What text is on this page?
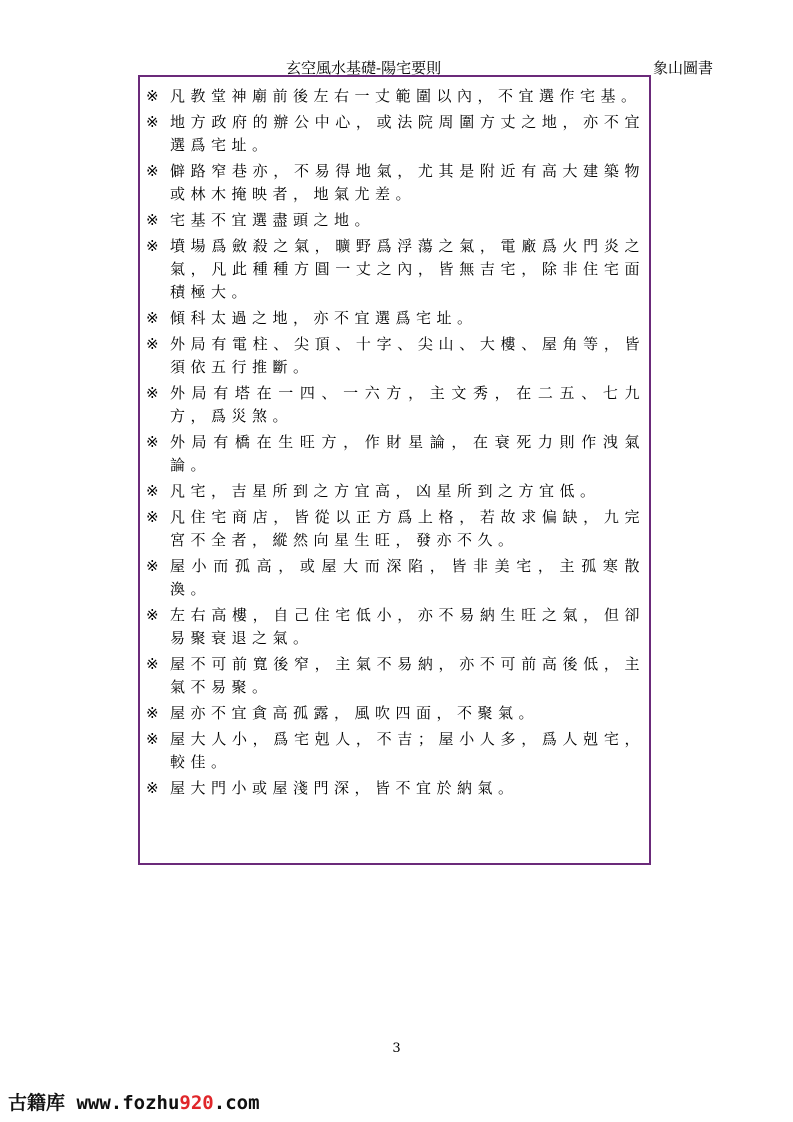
玄空風水基礎-陽宅要則	象山圖書
※ 凡教堂神廟前後左右一丈範圍以內，不宜選作宅基。
※ 地方政府的辦公中心，或法院周圍方丈之地，亦不宜選爲宅址。
※ 僻路窄巷亦，不易得地氣，尤其是附近有高大建築物或林木掩映者，地氣尤差。
※ 宅基不宜選盡頭之地。
※ 墳場爲斂殺之氣，曠野爲浮蕩之氣，電廠爲火門炎之氣，凡此種種方圓一丈之內，皆無吉宅，除非住宅面積極大。
※ 傾科太過之地，亦不宜選爲宅址。
※ 外局有電柱、尖頂、十字、尖山、大樓、屋角等，皆須依五行推斷。
※ 外局有塔在一四、一六方，主文秀，在二五、七九方，爲災煞。
※ 外局有橋在生旺方，作財星論，在衰死力則作洩氣論。
※ 凡宅，吉星所到之方宜高，凶星所到之方宜低。
※ 凡住宅商店，皆從以正方爲上格，若故求偏缺，九完宮不全者，縱然向星生旺，發亦不久。
※ 屋小而孤高，或屋大而深陷，皆非美宅，主孤寒散渙。
※ 左右高樓，自己住宅低小，亦不易納生旺之氣，但卻易聚衰退之氣。
※ 屋不可前寬後窄，主氣不易納，亦不可前高後低，主氣不易聚。
※ 屋亦不宜貪高孤露，風吹四面，不聚氣。
※ 屋大人小，爲宅剋人，不吉；屋小人多，爲人剋宅，較佳。
※ 屋大門小或屋淺門深，皆不宜於納氣。
3
古籍库 www.fozhu920.com
